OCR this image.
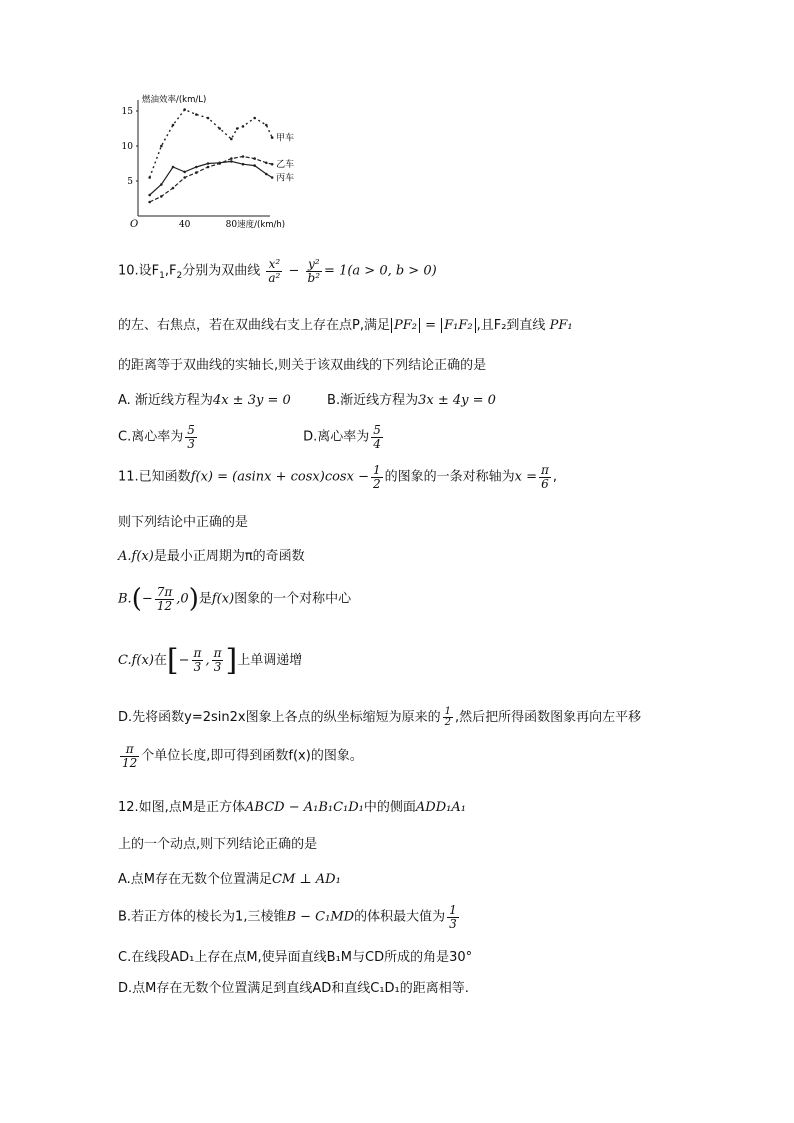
5
10
15
40	80
O
甲车
乙车
丙车
燃油效率/(km/L)
速度/(km/h)
10.设$F_1,F_2$分别为双曲线 $\frac{\text{x²}}{\text{a²}} - \frac{\text{y²}}{\text{b²}} = 1(a > 0$, b > 0)
的左、右焦点，若在双曲线右支上存在点P,满足 PF₂ = F₁F₂ ,且F₂到直线 PF₁
的距离等于双曲线的实轴长,则关于该双曲线的下列结论正确的是
A. 渐近线方程为4x ± 3y = 0	B.渐近线方程为3x ± 4y = 0
C.离心率为 $\frac{5}{3}$	D.离心率为 $\frac{5}{4}$
11.已知函数$f(x) = (asinx + \cos x)\cos x - \frac{1}{2}$ 的图象的一条对称轴为$x = \frac{\pi}{6}$ ,
则下列结论中正确的是
A.f(x)是最小正周期为π的奇函数
$B.(- \frac{7\pi}{12} ,0)$是f(x)图象的一个对称中心
C.f(x)在[− $\frac{\pi}{3}$ , $\frac{\pi}{3}$ ]上单调递增
D.先将函数y=2sin2x图象上各点的纵坐标缩短为原来的 $\frac{1}{2}$ ,然后把所得函数图象再向左平移
$\frac{\pi}{12}$ 个单位长度,即可得到函数f(x)的图象。
12.如图,点M是正方体ABCD − A₁B₁C₁D₁中的侧面ADD₁A₁
上的一个动点,则下列结论正确的是
A.点M存在无数个位置满足CM ⊥ AD₁
B.若正方体的棱长为1,三棱锥B − C₁MD的体积最大值为 $\frac{1}{3}$
C.在线段AD₁上存在点M,使异面直线B₁M与CD所成的角是30°
D.点M存在无数个位置满足到直线AD和直线C₁D₁的距离相等.
